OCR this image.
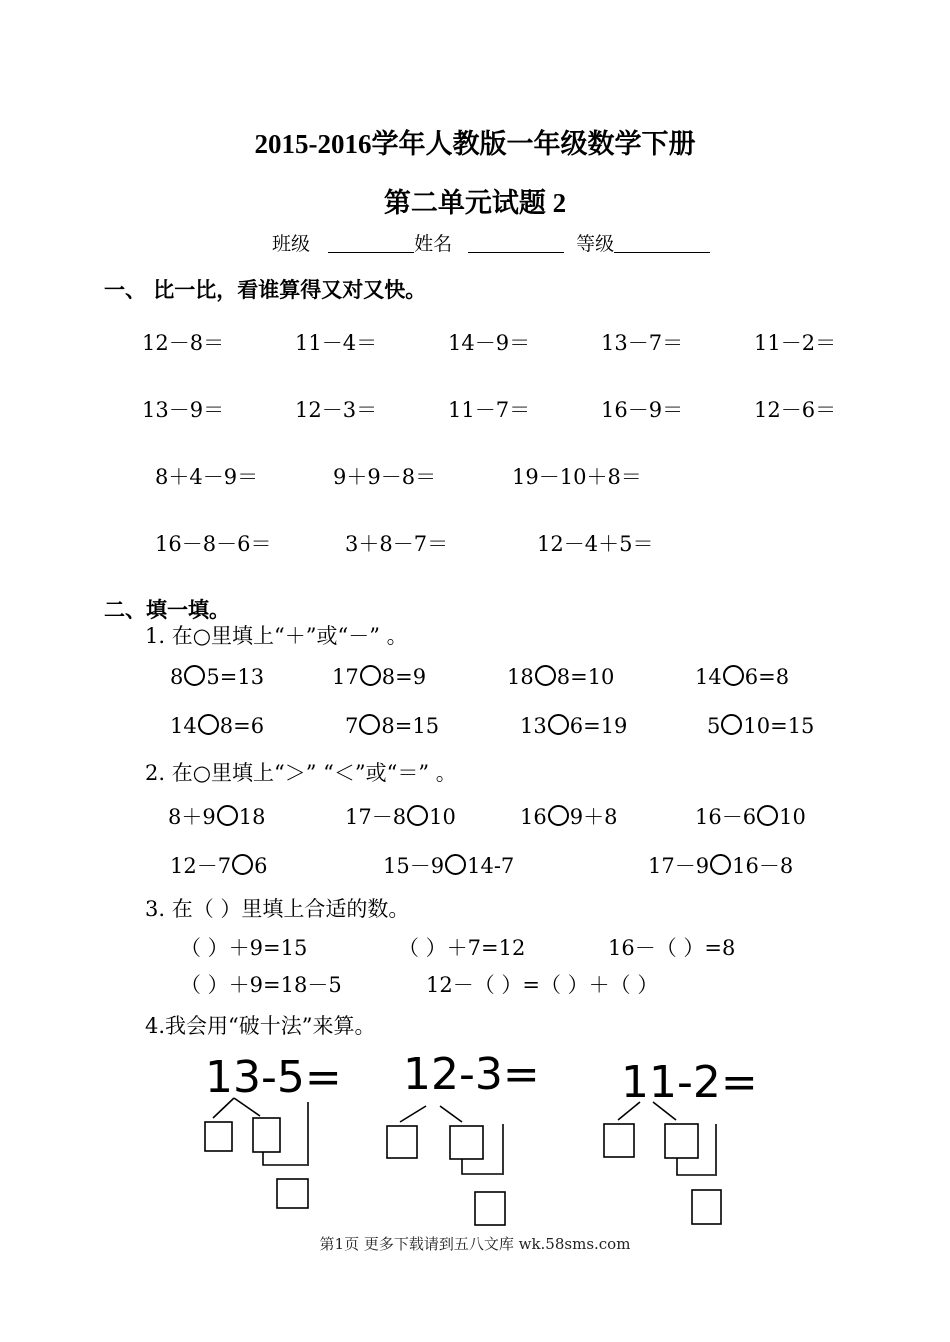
2015-2016学年人教版一年级数学下册
第二单元试题 2
班级	姓名	等级
一、 比一比，看谁算得又对又快。
12－8＝	11－4＝	14－9＝	13－7＝	11－2＝
13－9＝	12－3＝	11－7＝	16－9＝	12－6＝
8＋4－9＝	9＋9－8＝	19－10＋8＝
16－8－6＝	3＋8－7＝	12－4＋5＝
二、填一填。
1. 在○里填上“＋”或“－” 。
8 5=13	17 8=9	18 8=10	14 6=8
14 8=6	7 8=15	13 6=19	5 10=15
2. 在○里填上“＞” “＜”或“＝” 。
8＋9 18	17－8 10	16 9＋8	16－6 10
12－7 6	15－9 14-7	17－9 16－8
3. 在（ ）里填上合适的数。
（ ）＋9=15	（ ）＋7=12	16－（ ）=8
（ ）＋9=18－5	12－（ ）=（ ）＋（ ）
4.我会用“破十法”来算。
13-5= 12-3= 11-2=
第1页 更多下载请到五八文库 wk.58sms.com
